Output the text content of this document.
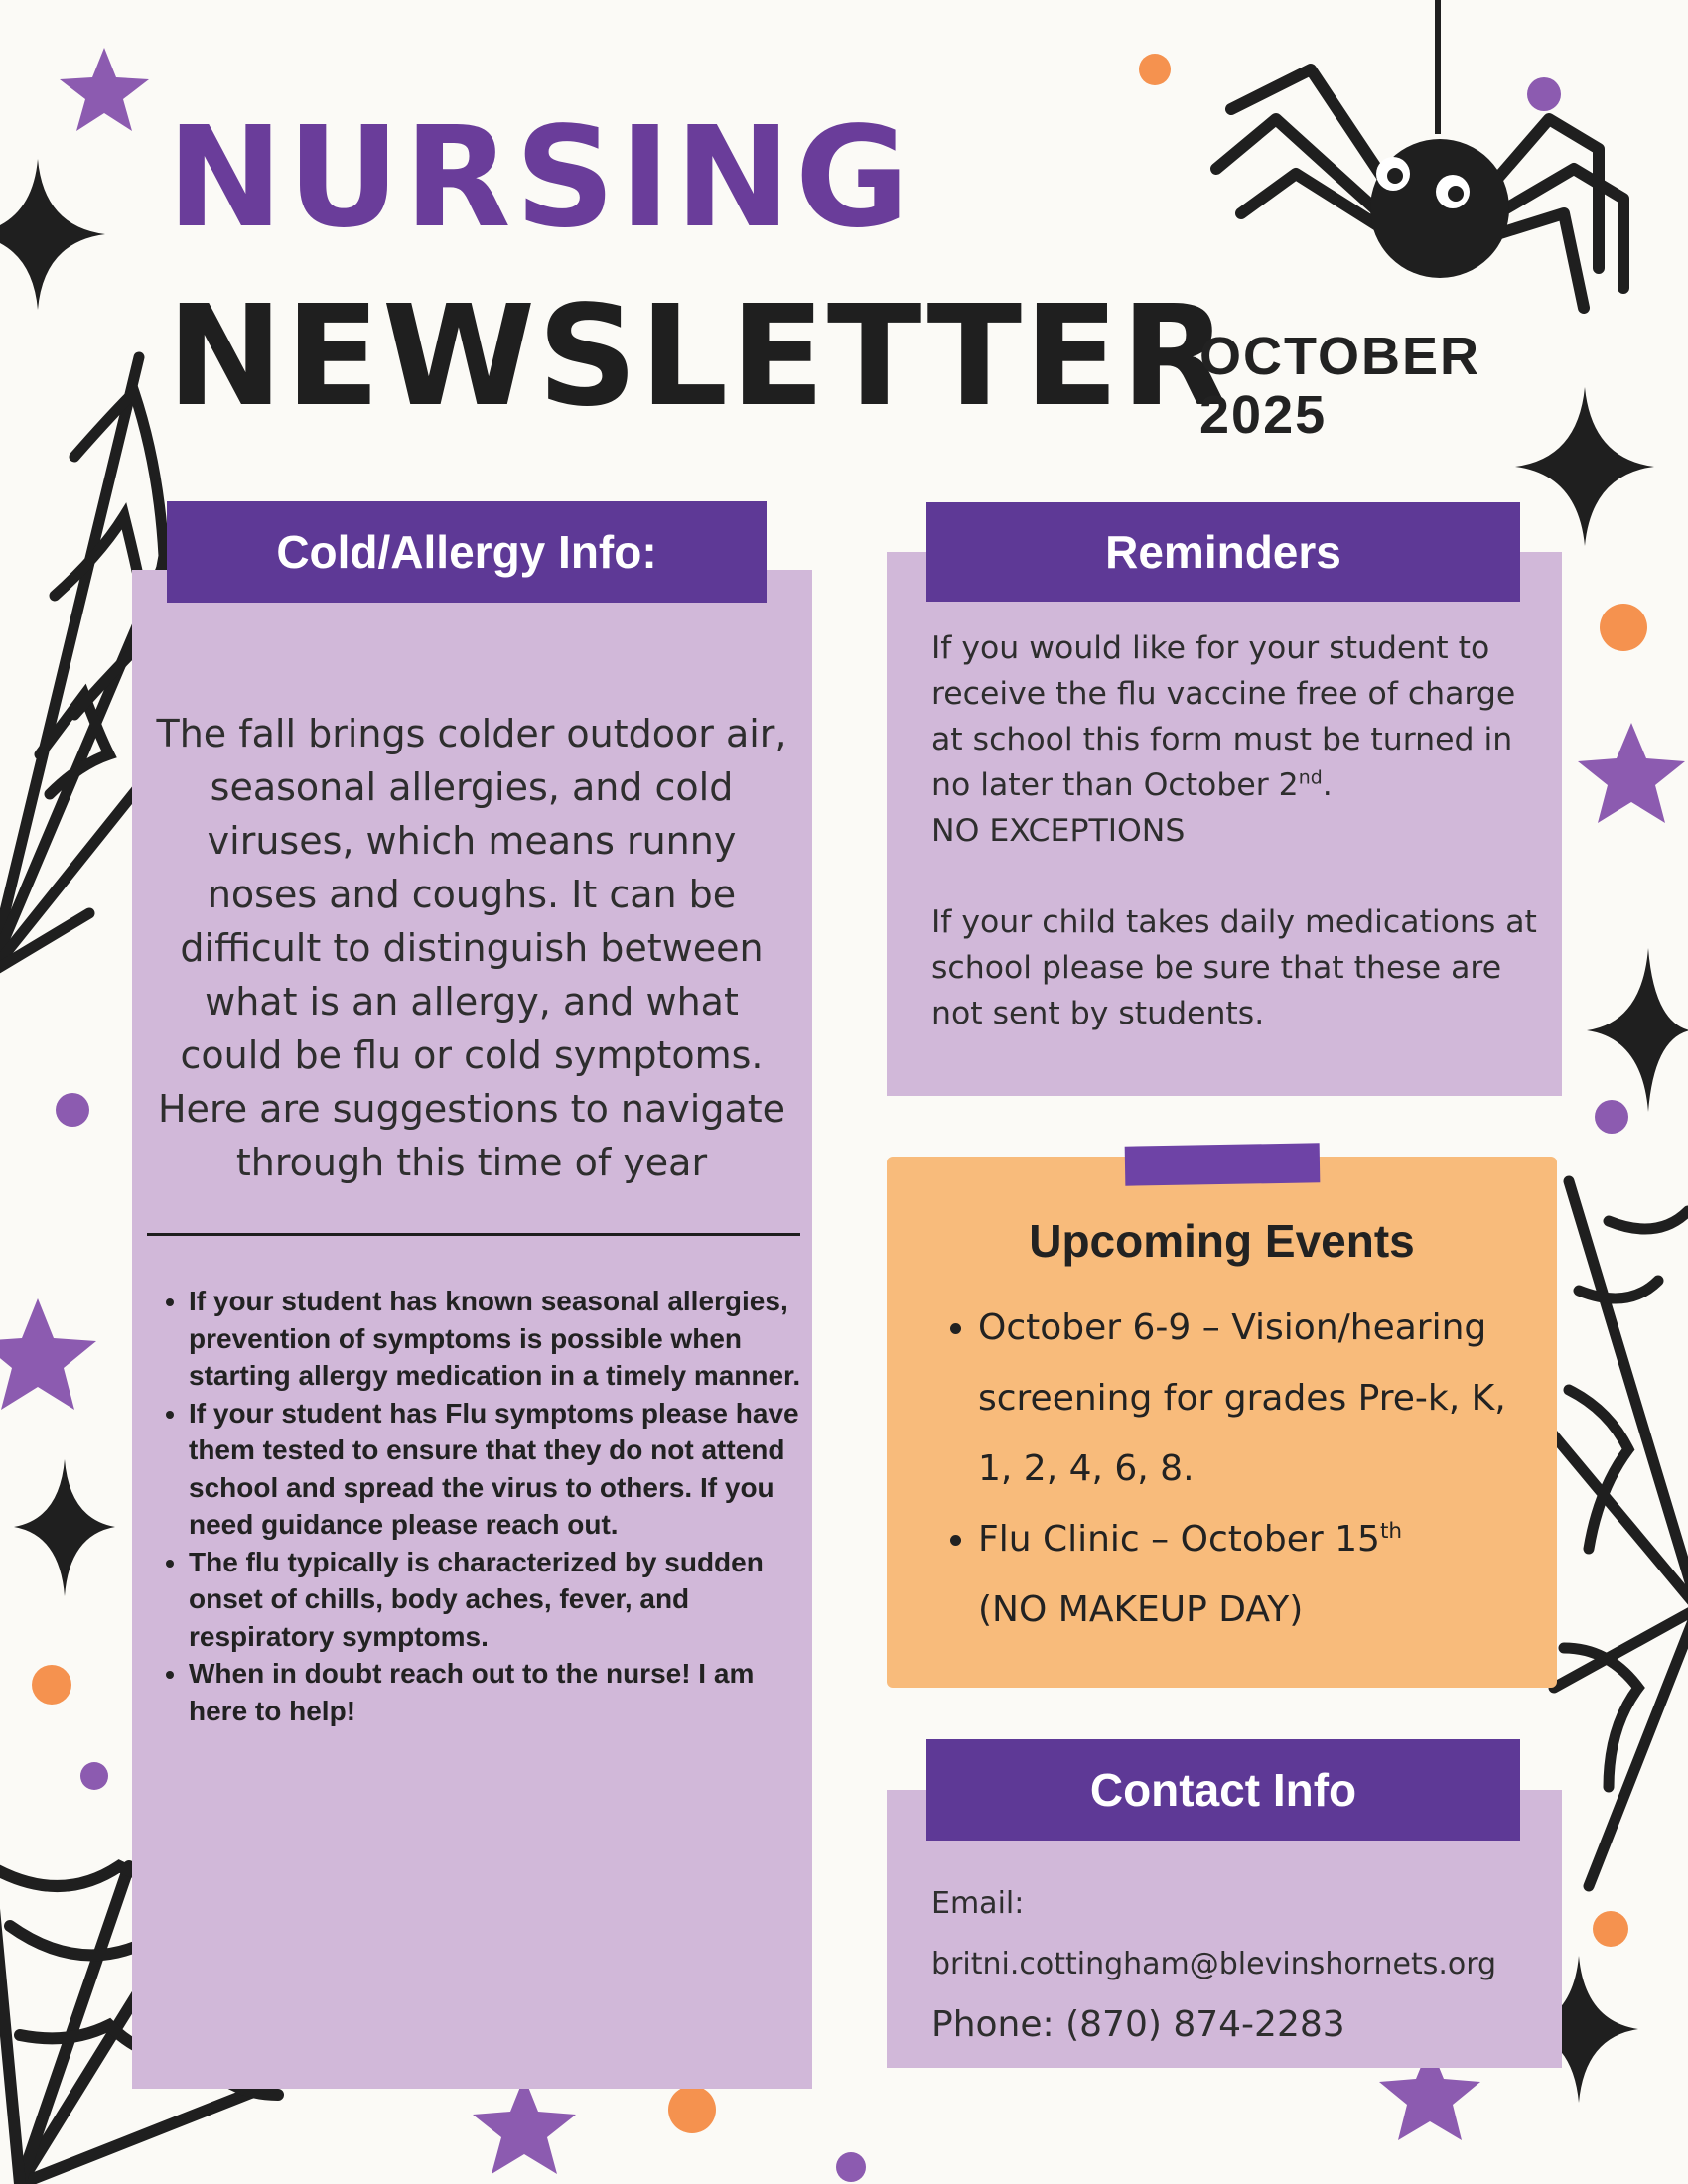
NURSING
NEWSLETTER
OCTOBER
2025
Cold/Allergy Info:
The fall brings colder outdoor air, seasonal allergies, and cold viruses, which means runny noses and coughs. It can be difficult to distinguish between what is an allergy, and what could be flu or cold symptoms. Here are suggestions to navigate through this time of year
• If your student has known seasonal allergies, prevention of symptoms is possible when starting allergy medication in a timely manner.
• If your student has Flu symptoms please have them tested to ensure that they do not attend school and spread the virus to others. If you need guidance please reach out.
• The flu typically is characterized by sudden onset of chills, body aches, fever, and respiratory symptoms.
• When in doubt reach out to the nurse! I am here to help!
Reminders
If you would like for your student to receive the flu vaccine free of charge at school this form must be turned in no later than October 2nd.
NO EXCEPTIONS
If your child takes daily medications at school please be sure that these are not sent by students.
Upcoming Events
• October 6-9 – Vision/hearing screening for grades Pre-k, K, 1, 2, 4, 6, 8.
• Flu Clinic – October 15th
(NO MAKEUP DAY)
Contact Info
Email:
britni.cottingham@blevinshornets.org
Phone: (870) 874-2283
